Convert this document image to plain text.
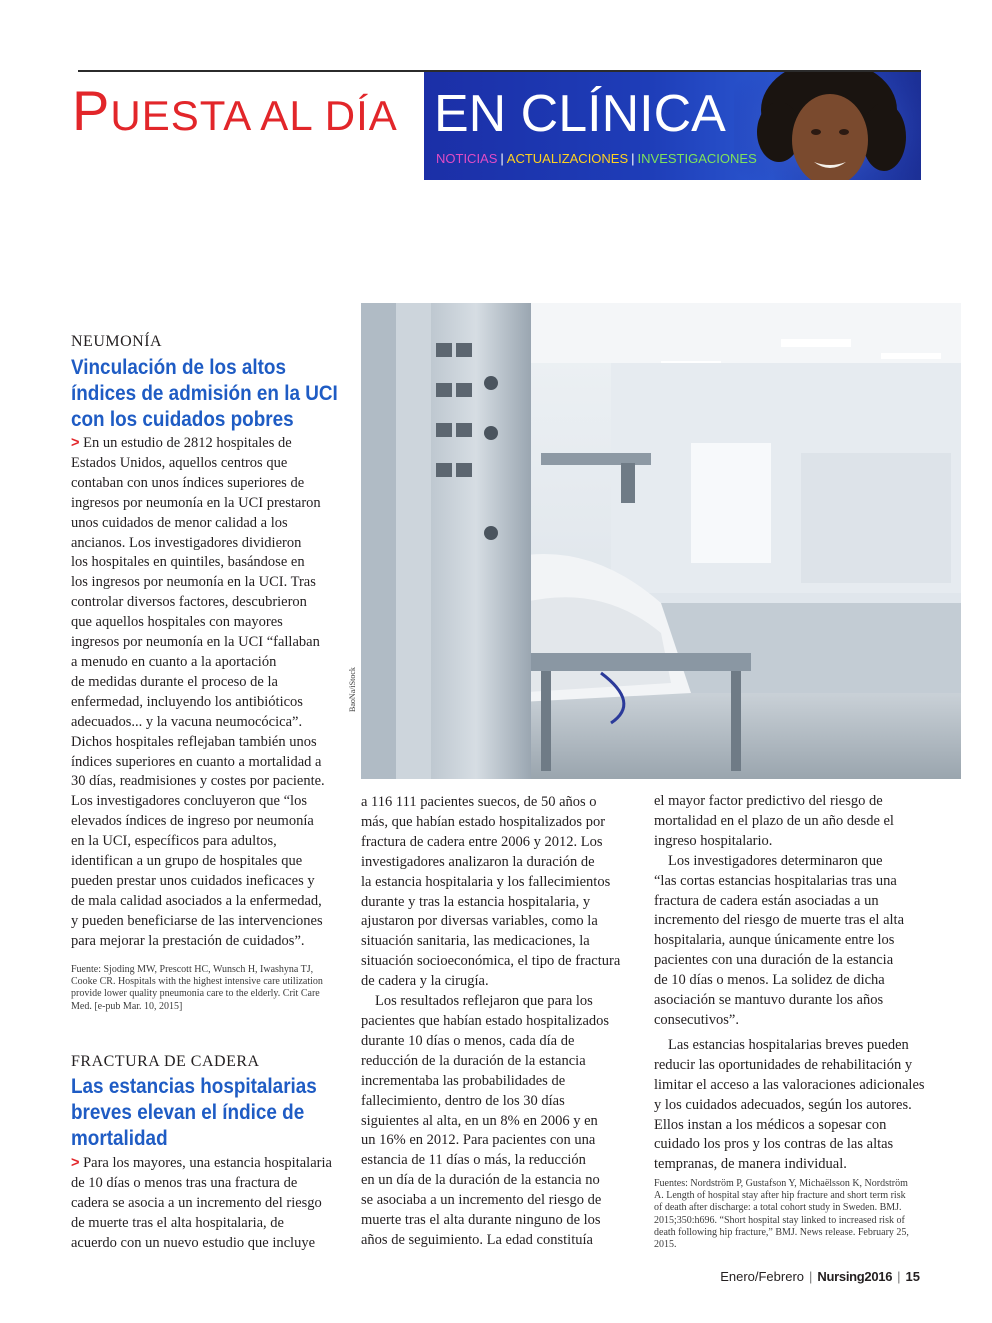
PUESTA AL DÍA EN CLÍNICA
NOTICIAS | ACTUALIZACIONES | INVESTIGACIONES
NEUMONÍA
Vinculación de los altos índices de admisión en la UCI con los cuidados pobres
> En un estudio de 2812 hospitales de
Estados Unidos, aquellos centros que
contaban con unos índices superiores de
ingresos por neumonía en la UCI prestaron
unos cuidados de menor calidad a los
ancianos. Los investigadores dividieron
los hospitales en quintiles, basándose en
los ingresos por neumonía en la UCI. Tras
controlar diversos factores, descubrieron
que aquellos hospitales con mayores
ingresos por neumonía en la UCI “fallaban
a menudo en cuanto a la aportación
de medidas durante el proceso de la
enfermedad, incluyendo los antibióticos
adecuados... y la vacuna neumocócica”.
Dichos hospitales reflejaban también unos
índices superiores en cuanto a mortalidad a
30 días, readmisiones y costes por paciente.
Los investigadores concluyeron que “los
elevados índices de ingreso por neumonía
en la UCI, específicos para adultos,
identifican a un grupo de hospitales que
pueden prestar unos cuidados ineficaces y
de mala calidad asociados a la enfermedad,
y pueden beneficiarse de las intervenciones
para mejorar la prestación de cuidados”.
Fuente: Sjoding MW, Prescott HC, Wunsch H, Iwashyna TJ,
Cooke CR. Hospitals with the highest intensive care utilization
provide lower quality pneumonia care to the elderly. Crit Care
Med. [e-pub Mar. 10, 2015]
FRACTURA DE CADERA
Las estancias hospitalarias breves elevan el índice de mortalidad
> Para los mayores, una estancia hospitalaria
de 10 días o menos tras una fractura de
cadera se asocia a un incremento del riesgo
de muerte tras el alta hospitalaria, de
acuerdo con un nuevo estudio que incluye
a 116 111 pacientes suecos, de 50 años o
más, que habían estado hospitalizados por
fractura de cadera entre 2006 y 2012. Los
investigadores analizaron la duración de
la estancia hospitalaria y los fallecimientos
durante y tras la estancia hospitalaria, y
ajustaron por diversas variables, como la
situación sanitaria, las medicaciones, la
situación socioeconómica, el tipo de fractura
de cadera y la cirugía.
Los resultados reflejaron que para los
pacientes que habían estado hospitalizados
durante 10 días o menos, cada día de
reducción de la duración de la estancia
incrementaba las probabilidades de
fallecimiento, dentro de los 30 días
siguientes al alta, en un 8% en 2006 y en
un 16% en 2012. Para pacientes con una
estancia de 11 días o más, la reducción
en un día de la duración de la estancia no
se asociaba a un incremento del riesgo de
muerte tras el alta durante ninguno de los
años de seguimiento. La edad constituía
el mayor factor predictivo del riesgo de
mortalidad en el plazo de un año desde el
ingreso hospitalario.
Los investigadores determinaron que
“las cortas estancias hospitalarias tras una
fractura de cadera están asociadas a un
incremento del riesgo de muerte tras el alta
hospitalaria, aunque únicamente entre los
pacientes con una duración de la estancia
de 10 días o menos. La solidez de dicha
asociación se mantuvo durante los años
consecutivos”.
Las estancias hospitalarias breves pueden
reducir las oportunidades de rehabilitación y
limitar el acceso a las valoraciones adicionales
y los cuidados adecuados, según los autores.
Ellos instan a los médicos a sopesar con
cuidado los pros y los contras de las altas
tempranas, de manera individual.
Fuentes: Nordström P, Gustafson Y, Michaëlsson K, Nordström
A. Length of hospital stay after hip fracture and short term risk
of death after discharge: a total cohort study in Sweden. BMJ.
2015;350:h696. “Short hospital stay linked to increased risk of
death following hip fracture,” BMJ. News release. February 25,
2015.
BaoNa/iStock
Enero/Febrero | Nursing2016 | 15
